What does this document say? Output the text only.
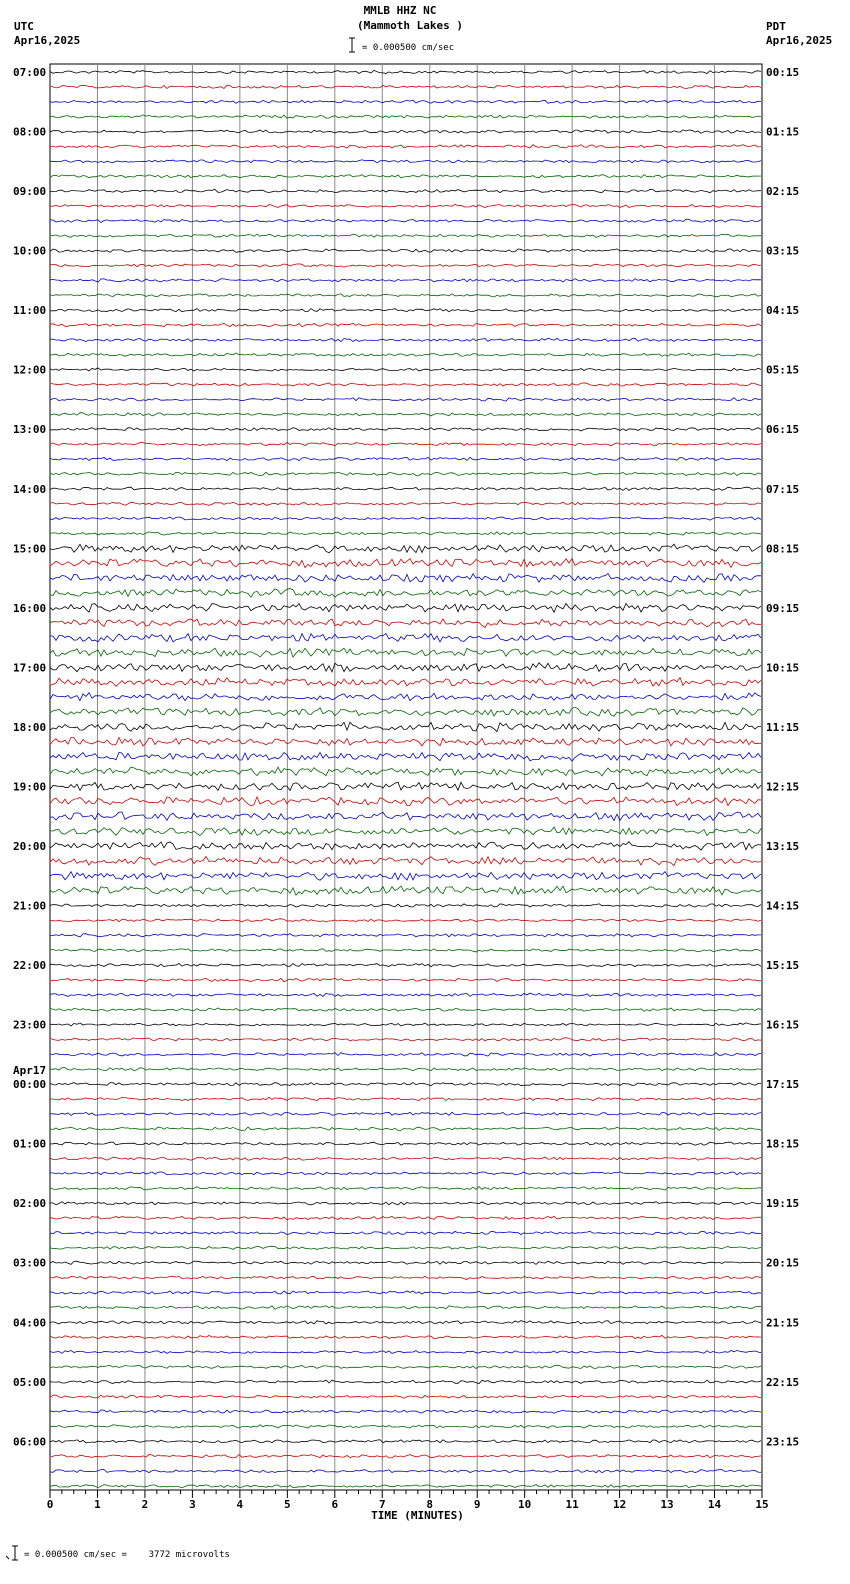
0	1	2	3	4	5	6	7	8	9	10	11	12	13	14	15
07:00
08:00
09:00
10:00
11:00
12:00
13:00
14:00
15:00
16:00
17:00
18:00
19:00
20:00
21:00
22:00
23:00
00:00
Apr17
01:00
02:00
03:00
04:00
05:00
06:00
00:15
01:15
02:15
03:15
04:15
05:15
06:15
07:15
08:15
09:15
10:15
11:15
12:15
13:15
14:15
15:15
16:15
17:15
18:15
19:15
20:15
21:15
22:15
23:15
MMLB HHZ NC
(Mammoth Lakes )
= 0.000500 cm/sec
UTC
Apr16,2025
PDT
Apr16,2025
TIME (MINUTES)
= 0.000500 cm/sec =    3772 microvolts
